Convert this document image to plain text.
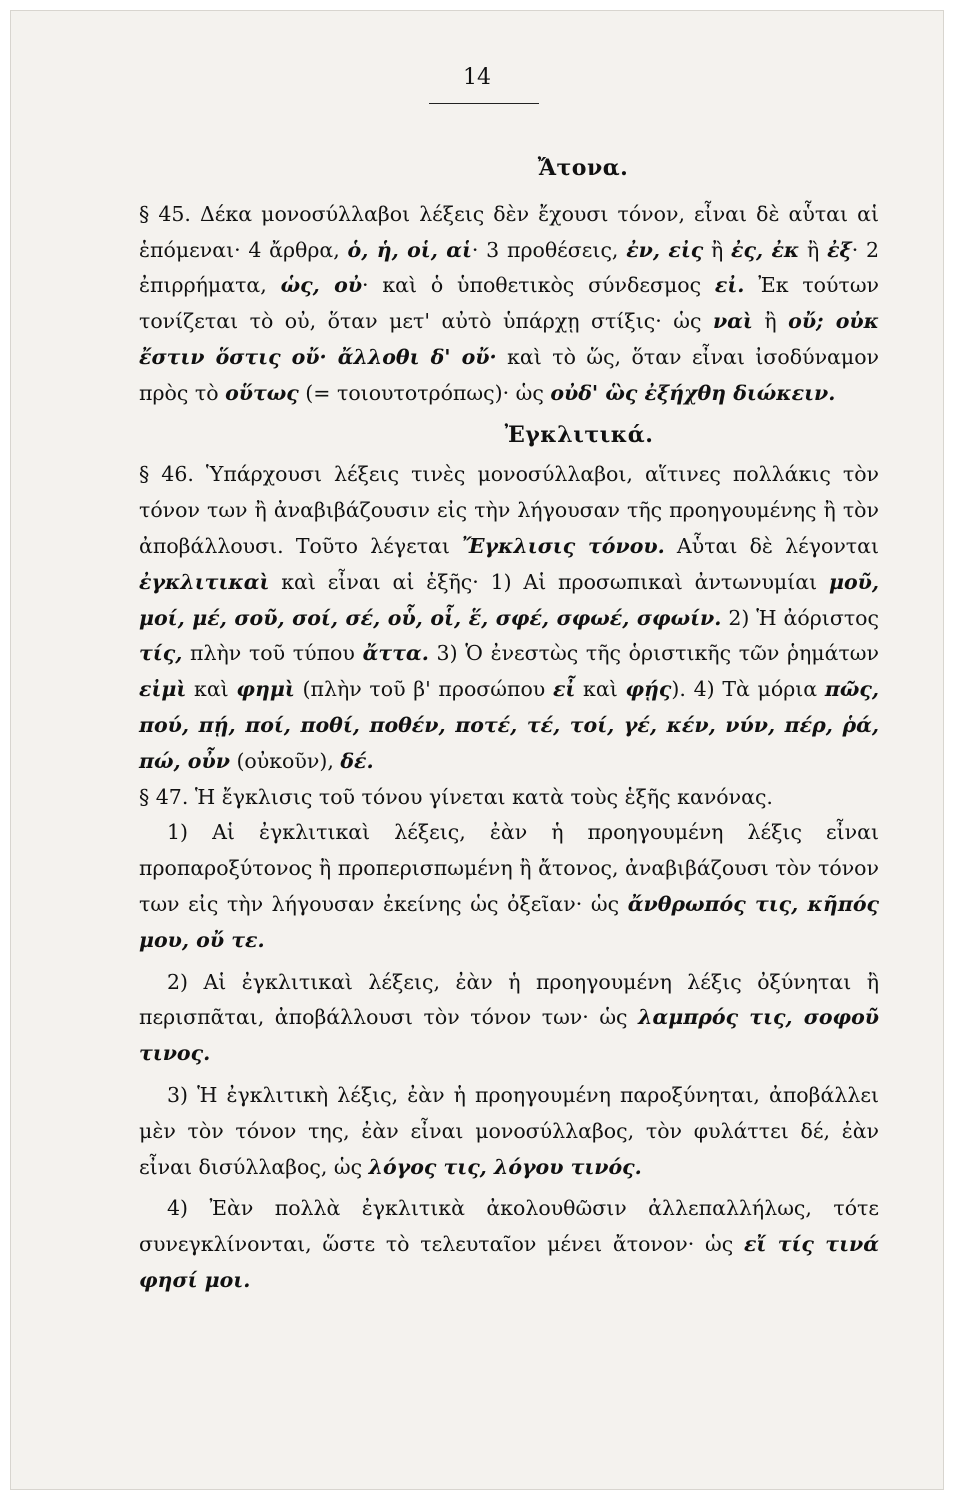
14
Ἄτονα.

§ 45. Δέκα μονοσύλλαβοι λέξεις δὲν ἔχουσι τόνον, εἶναι δὲ αὗται αἱ ἑπόμεναι· 4 ἄρθρα, ὁ, ἡ, οἱ, αἱ· 3 προθέσεις, ἐν, εἰς ἢ ἐς, ἐκ ἢ ἐξ· 2 ἐπιρρήματα, ὡς, οὐ· καὶ ὁ ὑποθετικὸς σύνδεσμος εἰ. Ἐκ τούτων τονίζεται τὸ οὐ, ὅταν μετ' αὐτὸ ὑπάρχῃ στίξις· ὡς ναὶ ἢ οὔ; οὐκ ἔστιν ὅστις οὔ· ἄλλοθι δ' οὔ· καὶ τὸ ὥς, ὅταν εἶναι ἰσοδύναμον πρὸς τὸ οὕτως (= τοιουτοτρόπως)· ὡς οὐδ' ὣς ἐξήχθη διώκειν.

Ἐγκλιτικά.

§ 46. Ὑπάρχουσι λέξεις τινὲς μονοσύλλαβοι, αἵτινες πολλάκις τὸν τόνον των ἢ ἀναβιβάζουσιν εἰς τὴν λήγουσαν τῆς προηγουμένης ἢ τὸν ἀποβάλλουσι. Τοῦτο λέγεται Ἔγκλισις τόνου. Αὗται δὲ λέγονται ἐγκλιτικαὶ καὶ εἶναι αἱ ἑξῆς· 1) Αἱ προσωπικαὶ ἀντωνυμίαι μοῦ, μοί, μέ, σοῦ, σοί, σέ, οὗ, οἷ, ἕ, σφέ, σφωέ, σφωίν. 2) Ἡ ἀόριστος τίς, πλὴν τοῦ τύπου ἄττα. 3) Ὁ ἐνεστὼς τῆς ὁριστικῆς τῶν ῥημάτων εἰμὶ καὶ φημὶ (πλὴν τοῦ β' προσώπου εἶ καὶ φῄς). 4) Τὰ μόρια πῶς, πού, πῄ, ποί, ποθί, ποθέν, ποτέ, τέ, τοί, γέ, κέν, νύν, πέρ, ῥά, πώ, οὖν (οὐκοῦν), δέ.

§ 47. Ἡ ἔγκλισις τοῦ τόνου γίνεται κατὰ τοὺς ἑξῆς κανόνας.

1) Αἱ ἐγκλιτικαὶ λέξεις, ἐὰν ἡ προηγουμένη λέξις εἶναι προπαροξύτονος ἢ προπερισπωμένη ἢ ἄτονος, ἀναβιβάζουσι τὸν τόνον των εἰς τὴν λήγουσαν ἐκείνης ὡς ὀξεῖαν· ὡς ἄνθρωπός τις, κῆπός μου, οὔ τε.

2) Αἱ ἐγκλιτικαὶ λέξεις, ἐὰν ἡ προηγουμένη λέξις ὀξύνηται ἢ περισπᾶται, ἀποβάλλουσι τὸν τόνον των· ὡς λαμπρός τις, σοφοῦ τινος.

3) Ἡ ἐγκλιτικὴ λέξις, ἐὰν ἡ προηγουμένη παροξύνηται, ἀποβάλλει μὲν τὸν τόνον της, ἐὰν εἶναι μονοσύλλαβος, τὸν φυλάττει δέ, ἐὰν εἶναι δισύλλαβος, ὡς λόγος τις, λόγου τινός.

4) Ἐὰν πολλὰ ἐγκλιτικὰ ἀκολουθῶσιν ἀλλεπαλλήλως, τότε συνεγκλίνονται, ὥστε τὸ τελευταῖον μένει ἄτονον· ὡς εἴ τίς τινά φησί μοι.
